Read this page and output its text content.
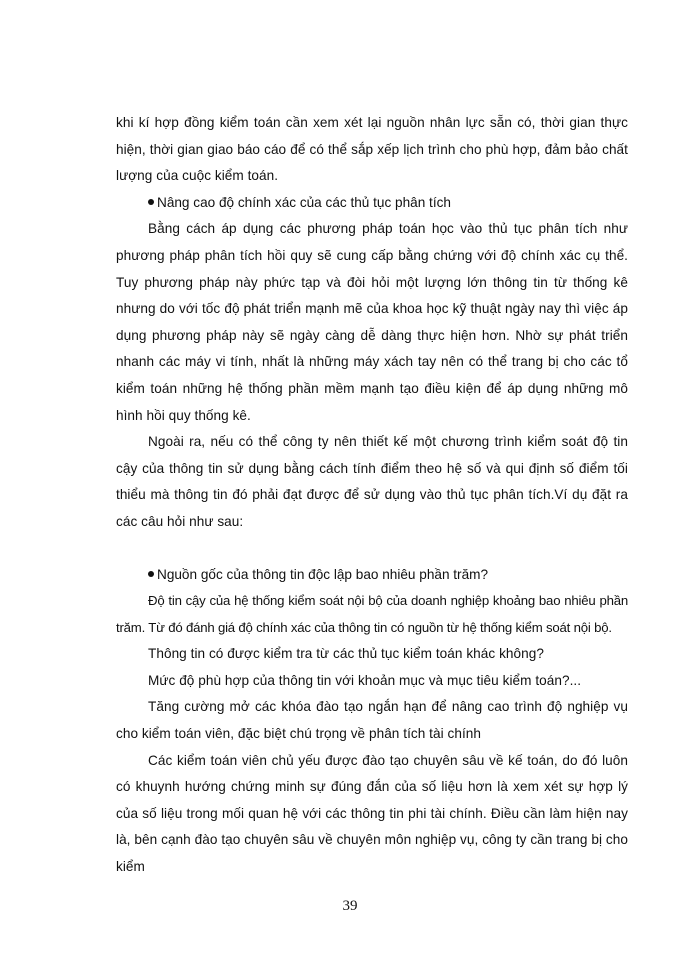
khi kí hợp đồng kiểm toán cần xem xét lại nguồn nhân lực sẵn có, thời gian thực hiện, thời gian giao báo cáo để có thể sắp xếp lịch trình cho phù hợp, đảm bảo chất lượng của cuộc kiểm toán.

Nâng cao độ chính xác của các thủ tục phân tích

Bằng cách áp dụng các phương pháp toán học vào thủ tục phân tích như phương pháp phân tích hồi quy sẽ cung cấp bằng chứng với độ chính xác cụ thể. Tuy phương pháp này phức tạp và đòi hỏi một lượng lớn thông tin từ thống kê nhưng do với tốc độ phát triển mạnh mẽ của khoa học kỹ thuật ngày nay thì việc áp dụng phương pháp này sẽ ngày càng dễ dàng thực hiện hơn. Nhờ sự phát triển nhanh các máy vi tính, nhất là những máy xách tay nên có thể trang bị cho các tổ kiểm toán những hệ thống phần mềm mạnh tạo điều kiện để áp dụng những mô hình hồi quy thống kê.

Ngoài ra, nếu có thể công ty nên thiết kế một chương trình kiểm soát độ tin cậy của thông tin sử dụng bằng cách tính điểm theo hệ số và qui định số điểm tối thiểu mà thông tin đó phải đạt được để sử dụng vào thủ tục phân tích.Ví dụ đặt ra các câu hỏi như sau:

Nguồn gốc của thông tin độc lập bao nhiêu phần trăm?

Độ tin cậy của hệ thống kiểm soát nội bộ của doanh nghiệp khoảng bao nhiêu phần trăm. Từ đó đánh giá độ chính xác của thông tin có nguồn từ hệ thống kiểm soát nội bộ.

Thông tin có được kiểm tra từ các thủ tục kiểm toán khác không?

Mức độ phù hợp của thông tin với khoản mục và mục tiêu kiểm toán?...

Tăng cường mở các khóa đào tạo ngắn hạn để nâng cao trình độ nghiệp vụ cho kiểm toán viên, đặc biệt chú trọng về phân tích tài chính

Các kiểm toán viên chủ yếu được đào tạo chuyên sâu về kế toán, do đó luôn có khuynh hướng chứng minh sự đúng đắn của số liệu hơn là xem xét sự hợp lý của số liệu trong mối quan hệ với các thông tin phi tài chính. Điều cần làm hiện nay là, bên cạnh đào tạo chuyên sâu về chuyên môn nghiệp vụ, công ty cần trang bị cho kiểm

39
